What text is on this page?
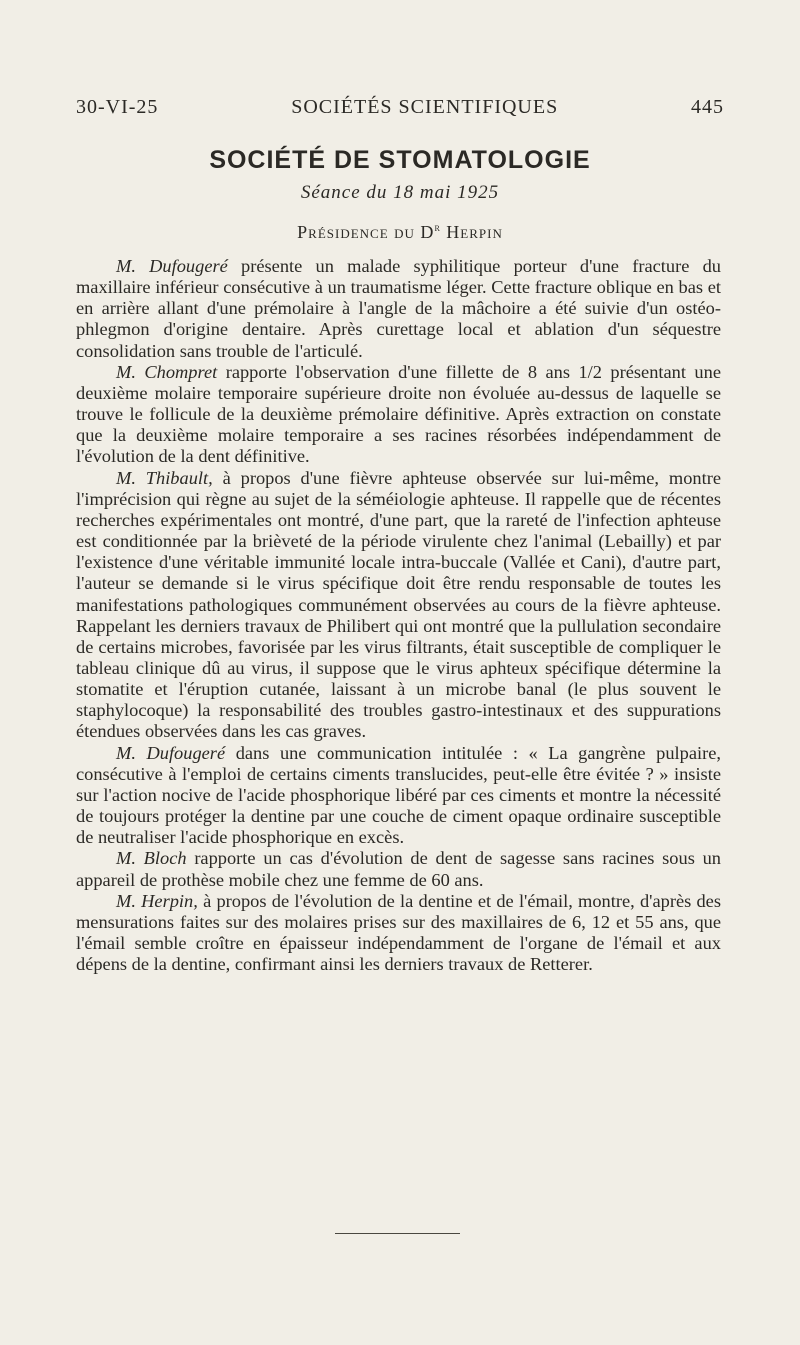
30-VI-25	SOCIÉTÉS SCIENTIFIQUES	445
SOCIÉTÉ DE STOMATOLOGIE
Séance du 18 mai 1925
Présidence du $D^r$ Herpin

M. Dufougeré présente un malade syphilitique porteur d'une fracture du maxillaire inférieur consécutive à un traumatisme léger. Cette fracture oblique en bas et en arrière allant d'une prémolaire à l'angle de la mâchoire a été suivie d'un ostéo-phlegmon d'origine dentaire. Après curettage local et ablation d'un séquestre consolidation sans trouble de l'articulé.

M. Chompret rapporte l'observation d'une fillette de 8 ans 1/2 présentant une deuxième molaire temporaire supérieure droite non évoluée au-dessus de laquelle se trouve le follicule de la deuxième prémolaire définitive. Après extraction on constate que la deuxième molaire temporaire a ses racines résorbées indépendamment de l'évolution de la dent définitive.

M. Thibault, à propos d'une fièvre aphteuse observée sur lui-même, montre l'imprécision qui règne au sujet de la séméiologie aphteuse. Il rappelle que de récentes recherches expérimentales ont montré, d'une part, que la rareté de l'infection aphteuse est conditionnée par la brièveté de la période virulente chez l'animal (Lebailly) et par l'existence d'une véritable immunité locale intra-buccale (Vallée et Cani), d'autre part, l'auteur se demande si le virus spécifique doit être rendu responsable de toutes les manifestations pathologiques communément observées au cours de la fièvre aphteuse. Rappelant les derniers travaux de Philibert qui ont montré que la pullulation secondaire de certains microbes, favorisée par les virus filtrants, était susceptible de compliquer le tableau clinique dû au virus, il suppose que le virus aphteux spécifique détermine la stomatite et l'éruption cutanée, laissant à un microbe banal (le plus souvent le staphylocoque) la responsabilité des troubles gastro-intestinaux et des suppurations étendues observées dans les cas graves.

M. Dufougeré dans une communication intitulée : « La gangrène pulpaire, consécutive à l'emploi de certains ciments translucides, peut-elle être évitée ? » insiste sur l'action nocive de l'acide phosphorique libéré par ces ciments et montre la nécessité de toujours protéger la dentine par une couche de ciment opaque ordinaire susceptible de neutraliser l'acide phosphorique en excès.

M. Bloch rapporte un cas d'évolution de dent de sagesse sans racines sous un appareil de prothèse mobile chez une femme de 60 ans.

M. Herpin, à propos de l'évolution de la dentine et de l'émail, montre, d'après des mensurations faites sur des molaires prises sur des maxillaires de 6, 12 et 55 ans, que l'émail semble croître en épaisseur indépendamment de l'organe de l'émail et aux dépens de la dentine, confirmant ainsi les derniers travaux de Retterer.
